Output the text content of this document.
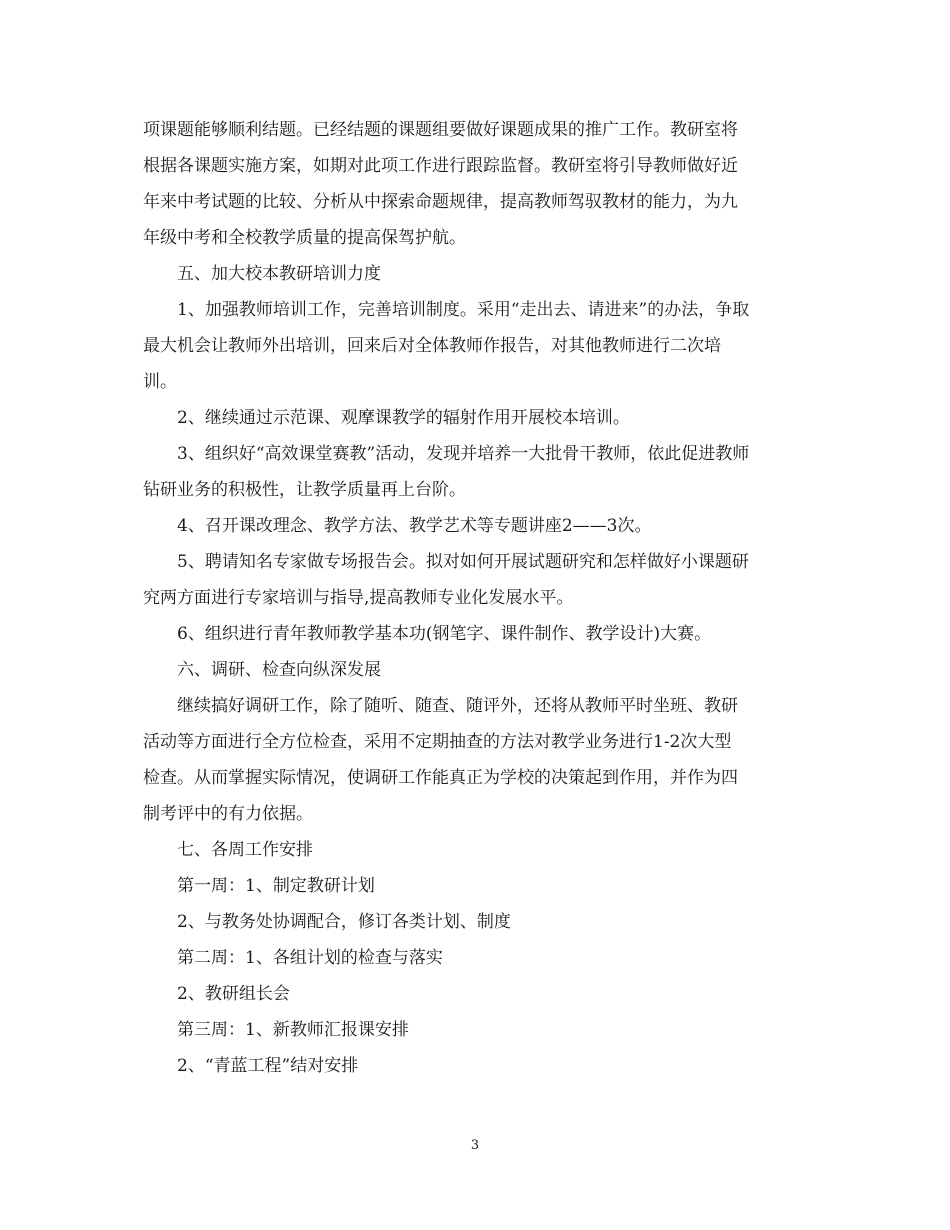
项课题能够顺利结题。已经结题的课题组要做好课题成果的推广工作。教研室将
根据各课题实施方案，如期对此项工作进行跟踪监督。教研室将引导教师做好近
年来中考试题的比较、分析从中探索命题规律，提高教师驾驭教材的能力，为九
年级中考和全校教学质量的提高保驾护航。

五、加大校本教研培训力度

1、加强教师培训工作，完善培训制度。采用“走出去、请进来”的办法，争取
最大机会让教师外出培训，回来后对全体教师作报告，对其他教师进行二次培
训。

2、继续通过示范课、观摩课教学的辐射作用开展校本培训。

3、组织好“高效课堂赛教”活动，发现并培养一大批骨干教师，依此促进教师
钻研业务的积极性，让教学质量再上台阶。

4、召开课改理念、教学方法、教学艺术等专题讲座2——3次。

5、聘请知名专家做专场报告会。拟对如何开展试题研究和怎样做好小课题研
究两方面进行专家培训与指导,提高教师专业化发展水平。

6、组织进行青年教师教学基本功(钢笔字、课件制作、教学设计)大赛。

六、调研、检查向纵深发展

继续搞好调研工作，除了随听、随查、随评外，还将从教师平时坐班、教研
活动等方面进行全方位检查，采用不定期抽查的方法对教学业务进行1-2次大型
检查。从而掌握实际情况，使调研工作能真正为学校的决策起到作用，并作为四
制考评中的有力依据。

七、各周工作安排

第一周：1、制定教研计划

2、与教务处协调配合，修订各类计划、制度

第二周：1、各组计划的检查与落实

2、教研组长会

第三周：1、新教师汇报课安排

2、“青蓝工程”结对安排

3
